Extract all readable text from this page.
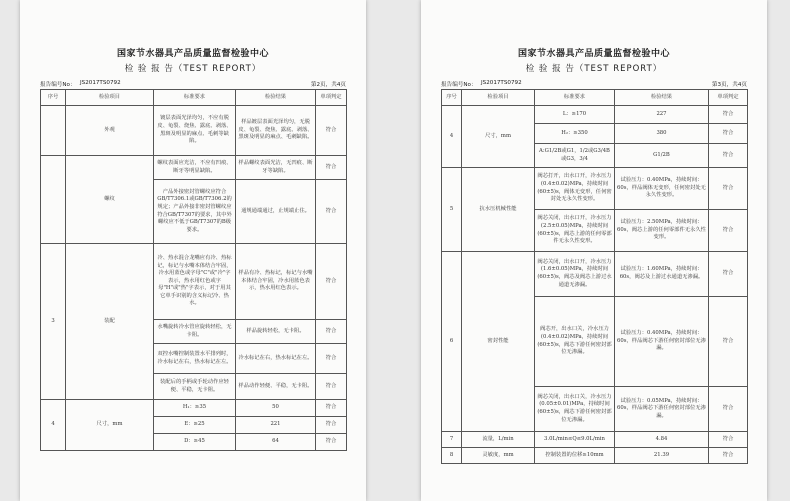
国家节水器具产品质量监督检验中心
检 验 报 告（TEST REPORT）
报告编号No： JS2017TS0792	第2页，共4页
序号	检验项目	标准要求	检验结果	单项判定
	外观	镀层表面光泽均匀，不应有脱皮、龟裂、烧焦、露底、剥落、黑斑及明显的麻点、毛刺等缺陷。	样品镀层表面光泽均匀，无脱皮、龟裂、烧焦、露底、剥落、黑斑及明显的麻点、毛刺缺陷。	符合
	螺纹	螺纹表面应光洁，不应有凹痕、断牙等明显缺陷。	样品螺纹表面光洁，无凹痕、断牙等缺陷。	符合
		产品外接密封管螺纹应符合GB/T7306.1或GB/T7306.2的规定；产品外接非密封管螺纹应符合GB/T7307的要求，其中外螺纹应不低于GB/T7307的B级要求。	通规通端通过，止规端止住。	符合
3	装配	冷、热水混合龙嘴应有冷、热标记，标记与水嘴本体结合牢固，冷水用蓝色或字母"C"或"冷"字表示，热水用红色或字母"H"或"热"字表示，对于用其它单手识别的含义标记冷、热水。	样品有冷、热标记，标记与水嘴本体结合牢固，冷水用蓝色表示，热水用红色表示。	符合
		水嘴旋转冷水管应旋转轻松，无卡阻。	样品旋转轻松，无卡阻。	符合
		双控水嘴控制装置水平排列时，冷水标记在右，热水标记在左。	冷水标记在右，热水标记在左。	符合
		装配后的手柄或手轮动作应轻便、平稳，无卡阻。	样品动作轻便、平稳，无卡阻。	符合
4	尺寸，mm	H₁：≥35	50	符合
		E：≥25	221	符合
		D：≥45	64	符合
国家节水器具产品质量监督检验中心
检 验 报 告（TEST REPORT）
报告编号No： JS2017TS0792	第3页，共4页
序号	检验项目	标准要求	检验结果	单项判定
4	尺寸，mm	L：≥170	227	符合
		H₂：≥350	380	符合
		A:G1/2B或G1，1/2或G3/4B或G3，3/4	G1/2B	符合
5	抗水压机械性能	阀芯打开，出水口开，冷水压力(0.4±0.02)MPa，持续时间(60±5)s，阀体无变形，任何密封处无永久性变形。	试验压力：0.40MPa，持续时间：60s，样品阀体无变形，任何密封处无永久性变形。	符合
		阀芯关闭，出水口开，冷水压力(2.5±0.05)MPa，持续时间(60±5)s，阀芯上游的任何零部件无永久性变形。	试验压力：2.50MPa，持续时间：60s，阀芯上游的任何零部件无永久性变形。	符合
6	密封性能	阀芯关闭，出水口开，冷水压力(1.6±0.05)MPa，持续时间(60±5)s，阀芯及阀芯上游过水通道无渗漏。	试验压力：1.60MPa，持续时间：60s，阀芯及上游过水通道无渗漏。	符合
		阀芯开，出水口关，冷水压力(0.4±0.02)MPa，持续时间(60±5)s，阀芯下游任何密封部位无渗漏。	试验压力：0.40MPa，持续时间：60s，样品阀芯下游任何密封部位无渗漏。	符合
		阀芯关闭，出水口关，冷水压力(0.05±0.01)MPa，持续时间(60±5)s，阀芯下游任何密封部位无渗漏。	试验压力：0.05MPa，持续时间：60s，样品阀芯下游任何密封部位无渗漏。	符合
7	流量，L/min	3.0L/min≤Q≤9.0L/min	4.84	符合
8	灵敏度，mm	控制装置的位移≥10mm	21.39	符合
